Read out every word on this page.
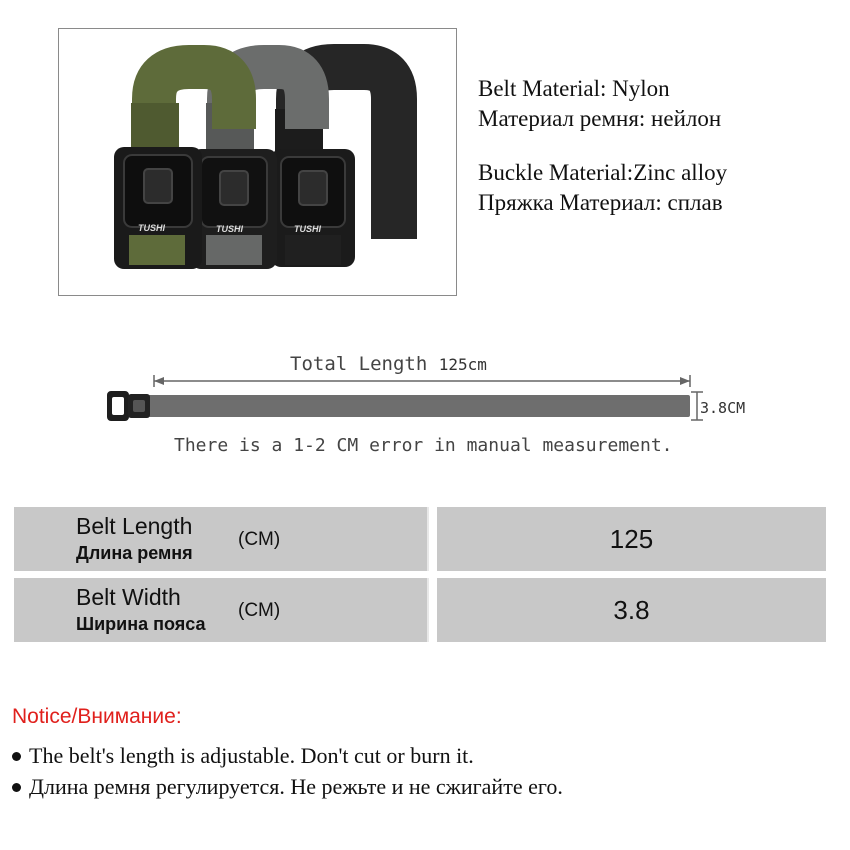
TUSHI
TUSHI
TUSHI
Belt Material: Nylon
Материал ремня: нейлон
Buckle Material:Zinc alloy
Пряжка Материал: сплав
Total Length 125cm
3.8CM
There is a 1-2 CM error in manual measurement.
Belt Length
Длина ремня
(CM)	125
Belt Width
Ширина пояса
(CM)	3.8
Notice/Внимание:
The belt's length is adjustable. Don't cut or burn it.
Длина ремня регулируется. Не режьте и не сжигайте его.
